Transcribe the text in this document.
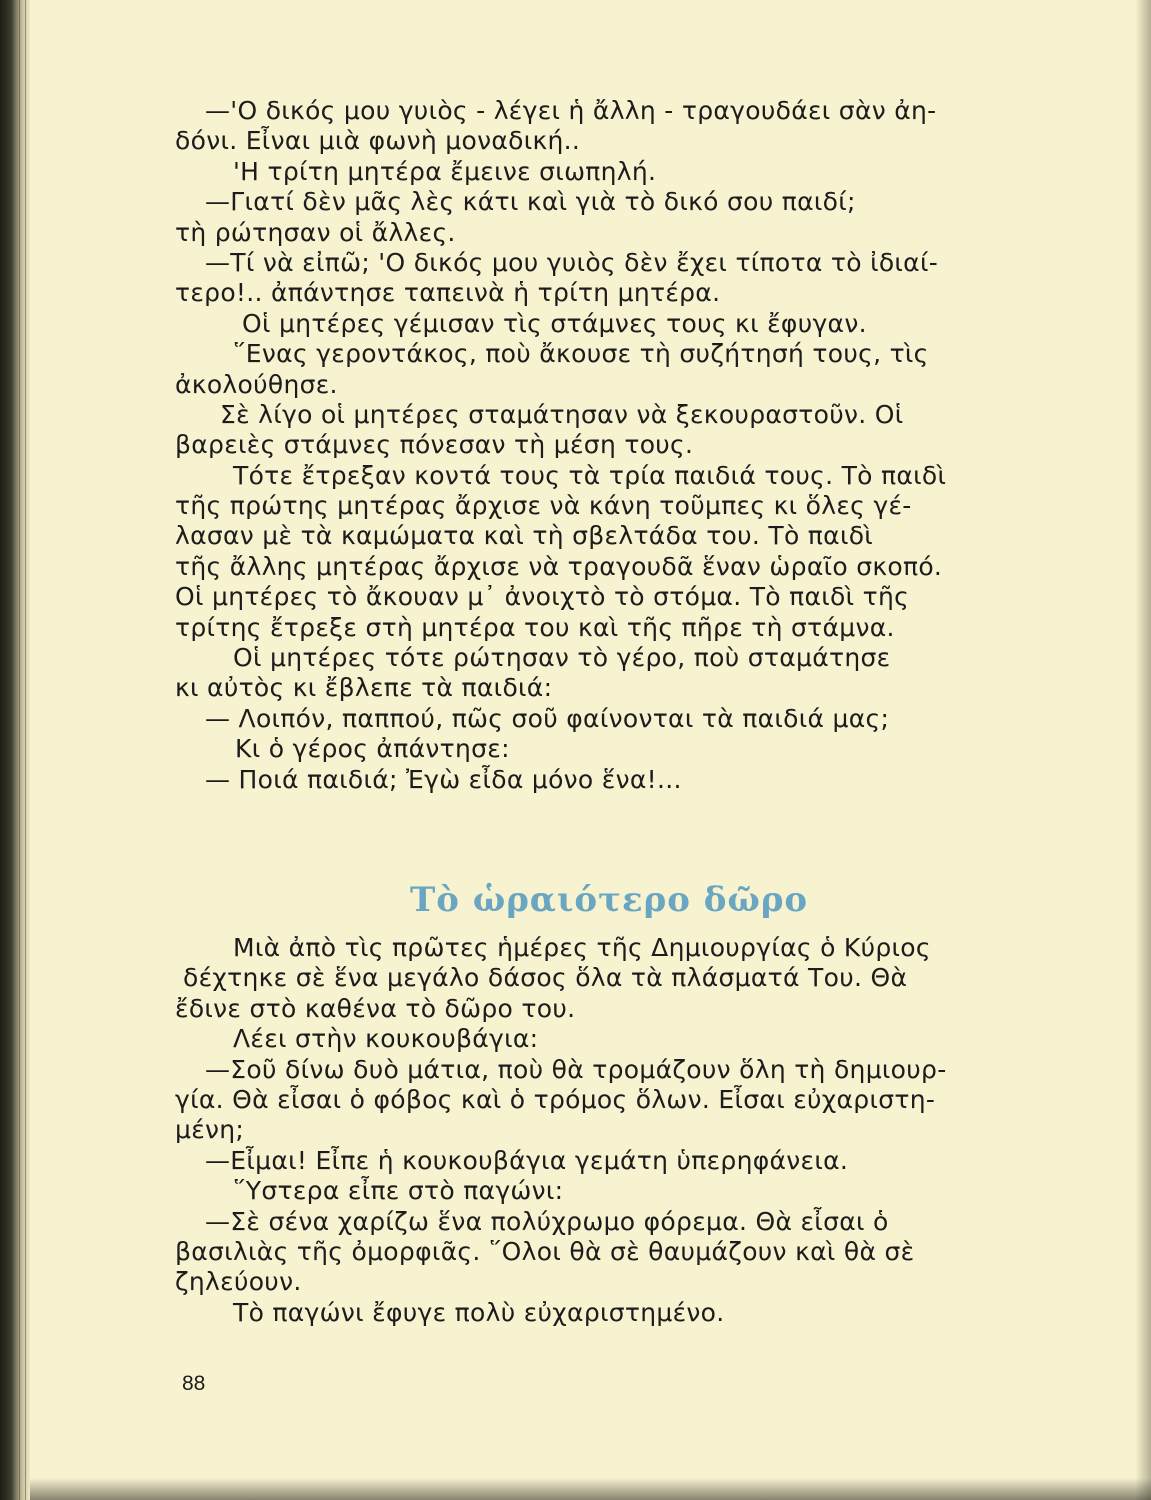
—'Ο δικός μου γυιὸς - λέγει ἡ ἄλλη - τραγουδάει σὰν ἀη-
δόνι. Εἶναι μιὰ φωνὴ μοναδική..
'Η τρίτη μητέρα ἔμεινε σιωπηλή.
—Γιατί δὲν μᾶς λὲς κάτι καὶ γιὰ τὸ δικό σου παιδί;
τὴ ρώτησαν οἱ ἄλλες.
—Τί νὰ εἰπῶ; 'Ο δικός μου γυιὸς δὲν ἔχει τίποτα τὸ ἰδιαί-
τερο!.. ἀπάντησε ταπεινὰ ἡ τρίτη μητέρα.
Οἱ μητέρες γέμισαν τὶς στάμνες τους κι ἔφυγαν.
῞Ενας γεροντάκος, ποὺ ἄκουσε τὴ συζήτησή τους, τὶς
ἀκολούθησε.
Σὲ λίγο οἱ μητέρες σταμάτησαν νὰ ξεκουραστοῦν. Οἱ
βαρειὲς στάμνες πόνεσαν τὴ μέση τους.
Τότε ἔτρεξαν κοντά τους τὰ τρία παιδιά τους. Τὸ παιδὶ
τῆς πρώτης μητέρας ἄρχισε νὰ κάνη τοῦμπες κι ὅλες γέ-
λασαν μὲ τὰ καμώματα καὶ τὴ σβελτάδα του. Τὸ παιδὶ
τῆς ἄλλης μητέρας ἄρχισε νὰ τραγουδᾶ ἕναν ὡραῖο σκοπό.
Οἱ μητέρες τὸ ἄκουαν μ᾿ ἀνοιχτὸ τὸ στόμα. Τὸ παιδὶ τῆς
τρίτης ἔτρεξε στὴ μητέρα του καὶ τῆς πῆρε τὴ στάμνα.
Οἱ μητέρες τότε ρώτησαν τὸ γέρο, ποὺ σταμάτησε
κι αὐτὸς κι ἔβλεπε τὰ παιδιά:
— Λοιπόν, παππού, πῶς σοῦ φαίνονται τὰ παιδιά μας;
Κι ὁ γέρος ἀπάντησε:
— Ποιά παιδιά; Ἐγὼ εἶδα μόνο ἕνα!...
Τὸ ὡραιότερο δῶρο
Μιὰ ἀπὸ τὶς πρῶτες ἡμέρες τῆς Δημιουργίας ὁ Κύριος
δέχτηκε σὲ ἕνα μεγάλο δάσος ὅλα τὰ πλάσματά Του. Θὰ
ἔδινε στὸ καθένα τὸ δῶρο του.
Λέει στὴν κουκουβάγια:
—Σοῦ δίνω δυὸ μάτια, ποὺ θὰ τρομάζουν ὅλη τὴ δημιουρ-
γία. Θὰ εἶσαι ὁ φόβος καὶ ὁ τρόμος ὅλων. Εἶσαι εὐχαριστη-
μένη;
—Εἶμαι! Εἶπε ἡ κουκουβάγια γεμάτη ὑπερηφάνεια.
῞Υστερα εἶπε στὸ παγώνι:
—Σὲ σένα χαρίζω ἕνα πολύχρωμο φόρεμα. Θὰ εἶσαι ὁ
βασιλιὰς τῆς ὀμορφιᾶς. ῞Ολοι θὰ σὲ θαυμάζουν καὶ θὰ σὲ
ζηλεύουν.
Τὸ παγώνι ἔφυγε πολὺ εὐχαριστημένο.
88
